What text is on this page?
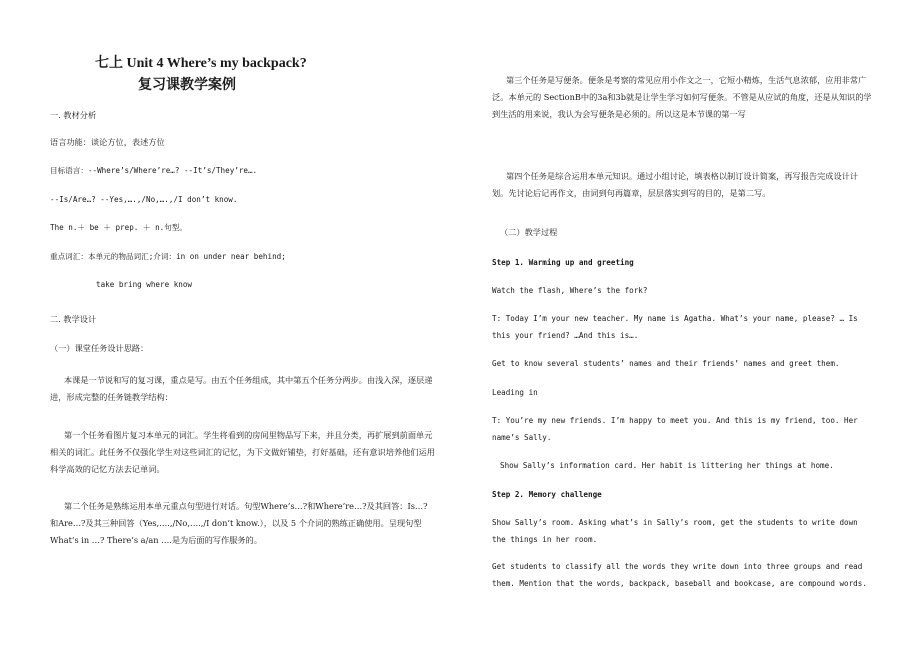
七上 Unit 4 Where’s my backpack?
复习课教学案例

一. 教材分析

语言功能：谈论方位，表述方位

目标语言：--Where’s/Where’re…? --It’s/They’re….

--Is/Are…? --Yes,….,/No,….,/I don’t know.

The n.＋ be ＋ prep. ＋ n.句型。

重点词汇：本单元的物品词汇;介词：in on under near behind;

take bring where know

二. 教学设计

（一）课堂任务设计思路：

本课是一节说和写的复习课，重点是写。由五个任务组成，其中第五个任务分两步。由浅入深，逐层递进，形成完整的任务链教学结构：

第一个任务看图片复习本单元的词汇。学生将看到的房间里物品写下来，并且分类，再扩展到前面单元相关的词汇。此任务不仅强化学生对这些词汇的记忆，为下文做好铺垫，打好基础，还有意识培养他们运用科学高效的记忆方法去记单词。

第二个任务是熟练运用本单元重点句型进行对话。句型Where’s…?和Where’re…?及其回答：Is…?和Are…?及其三种回答（Yes,….,/No,….,/I don’t know.），以及 5 个介词的熟练正确使用。呈现句型What’s in …? There’s a/an ….是为后面的写作服务的。

第三个任务是写便条。便条是考察的常见应用小作文之一，它短小精炼，生活气息浓郁，应用非常广泛。本单元的 SectionB中的3a和3b就是让学生学习如何写便条。不管是从应试的角度，还是从知识的学到生活的用来说，我认为会写便条是必须的。所以这是本节课的第一写

第四个任务是综合运用本单元知识。通过小组讨论，填表格以制订设计简案，再写报告完成设计计划。先讨论后记再作文，由词到句再篇章，层层落实到写的目的，是第二写。

（二）教学过程

Step 1. Warming up and greeting

Watch the flash, Where’s the fork?

T: Today I’m your new teacher. My name is Agatha. What’s your name, please? … Is this your friend? …And this is….

Get to know several students’ names and their friends’ names and greet them.

Leading in

T: You’re my new friends. I’m happy to meet you. And this is my friend, too. Her name’s Sally.

Show Sally’s information card. Her habit is littering her things at home.

Step 2. Memory challenge

Show Sally’s room. Asking what’s in Sally’s room, get the students to write down the things in her room.

Get students to classify all the words they write down into three groups and read them. Mention that the words, backpack, baseball and bookcase, are compound words.
